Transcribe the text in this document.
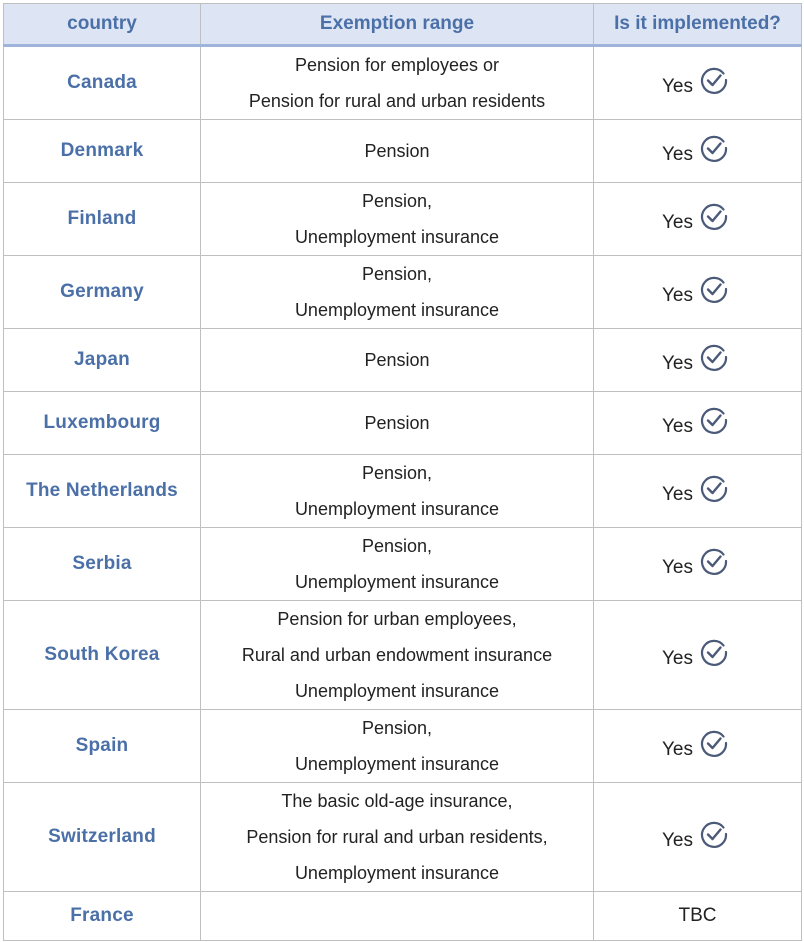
country	Exemption range	Is it implemented?
Canada	Pension for employees or
Pension for rural and urban residents	Yes

Denmark	Pension	Yes

Finland	Pension,
Unemployment insurance	Yes

Germany	Pension,
Unemployment insurance	Yes

Japan	Pension	Yes

Luxembourg	Pension	Yes

The Netherlands	Pension,
Unemployment insurance	Yes

Serbia	Pension,
Unemployment insurance	Yes

South Korea	Pension for urban employees,
Rural and urban endowment insurance
Unemployment insurance	Yes

Spain	Pension,
Unemployment insurance	Yes

Switzerland	The basic old-age insurance,
Pension for rural and urban residents,
Unemployment insurance	Yes

France		TBC
